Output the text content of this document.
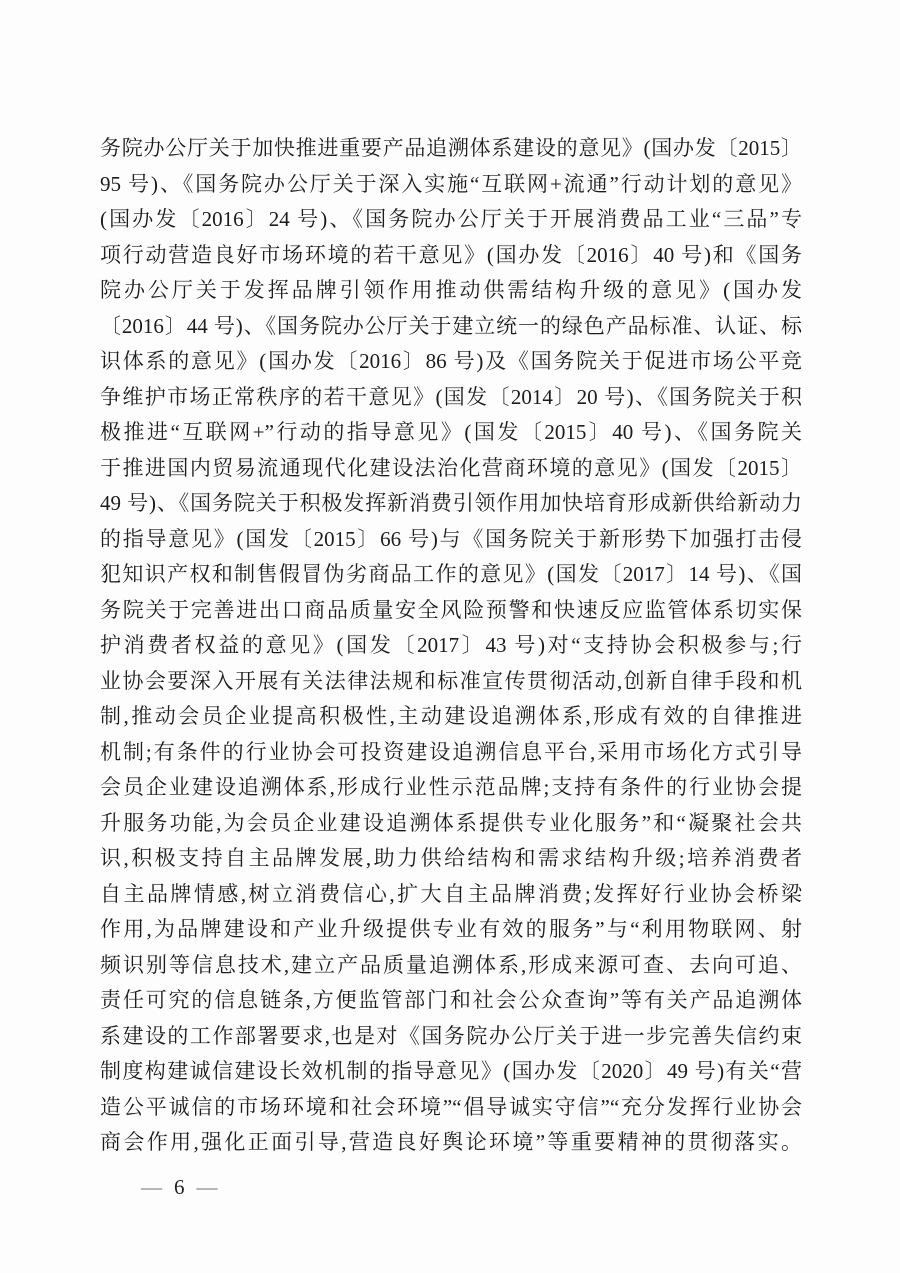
务院办公厅关于加快推进重要产品追溯体系建设的意见》(国办发〔2015〕
95 号)、《国务院办公厅关于深入实施“互联网+流通”行动计划的意见》
(国办发〔2016〕24 号)、《国务院办公厅关于开展消费品工业“三品”专
项行动营造良好市场环境的若干意见》(国办发〔2016〕40 号)和《国务
院办公厅关于发挥品牌引领作用推动供需结构升级的意见》(国办发
〔2016〕44 号)、《国务院办公厅关于建立统一的绿色产品标准、认证、标
识体系的意见》(国办发〔2016〕86 号)及《国务院关于促进市场公平竞
争维护市场正常秩序的若干意见》(国发〔2014〕20 号)、《国务院关于积
极推进“互联网+”行动的指导意见》(国发〔2015〕40 号)、《国务院关
于推进国内贸易流通现代化建设法治化营商环境的意见》(国发〔2015〕
49 号)、《国务院关于积极发挥新消费引领作用加快培育形成新供给新动力
的指导意见》(国发〔2015〕66 号)与《国务院关于新形势下加强打击侵
犯知识产权和制售假冒伪劣商品工作的意见》(国发〔2017〕14 号)、《国
务院关于完善进出口商品质量安全风险预警和快速反应监管体系切实保
护消费者权益的意见》(国发〔2017〕43 号)对“支持协会积极参与;行
业协会要深入开展有关法律法规和标准宣传贯彻活动,创新自律手段和机
制,推动会员企业提高积极性,主动建设追溯体系,形成有效的自律推进
机制;有条件的行业协会可投资建设追溯信息平台,采用市场化方式引导
会员企业建设追溯体系,形成行业性示范品牌;支持有条件的行业协会提
升服务功能,为会员企业建设追溯体系提供专业化服务”和“凝聚社会共
识,积极支持自主品牌发展,助力供给结构和需求结构升级;培养消费者
自主品牌情感,树立消费信心,扩大自主品牌消费;发挥好行业协会桥梁
作用,为品牌建设和产业升级提供专业有效的服务”与“利用物联网、射
频识别等信息技术,建立产品质量追溯体系,形成来源可查、去向可追、
责任可究的信息链条,方便监管部门和社会公众查询”等有关产品追溯体
系建设的工作部署要求,也是对《国务院办公厅关于进一步完善失信约束
制度构建诚信建设长效机制的指导意见》(国办发〔2020〕49 号)有关“营
造公平诚信的市场环境和社会环境”“倡导诚实守信”“充分发挥行业协会
商会作用,强化正面引导,营造良好舆论环境”等重要精神的贯彻落实。
— 6 —
